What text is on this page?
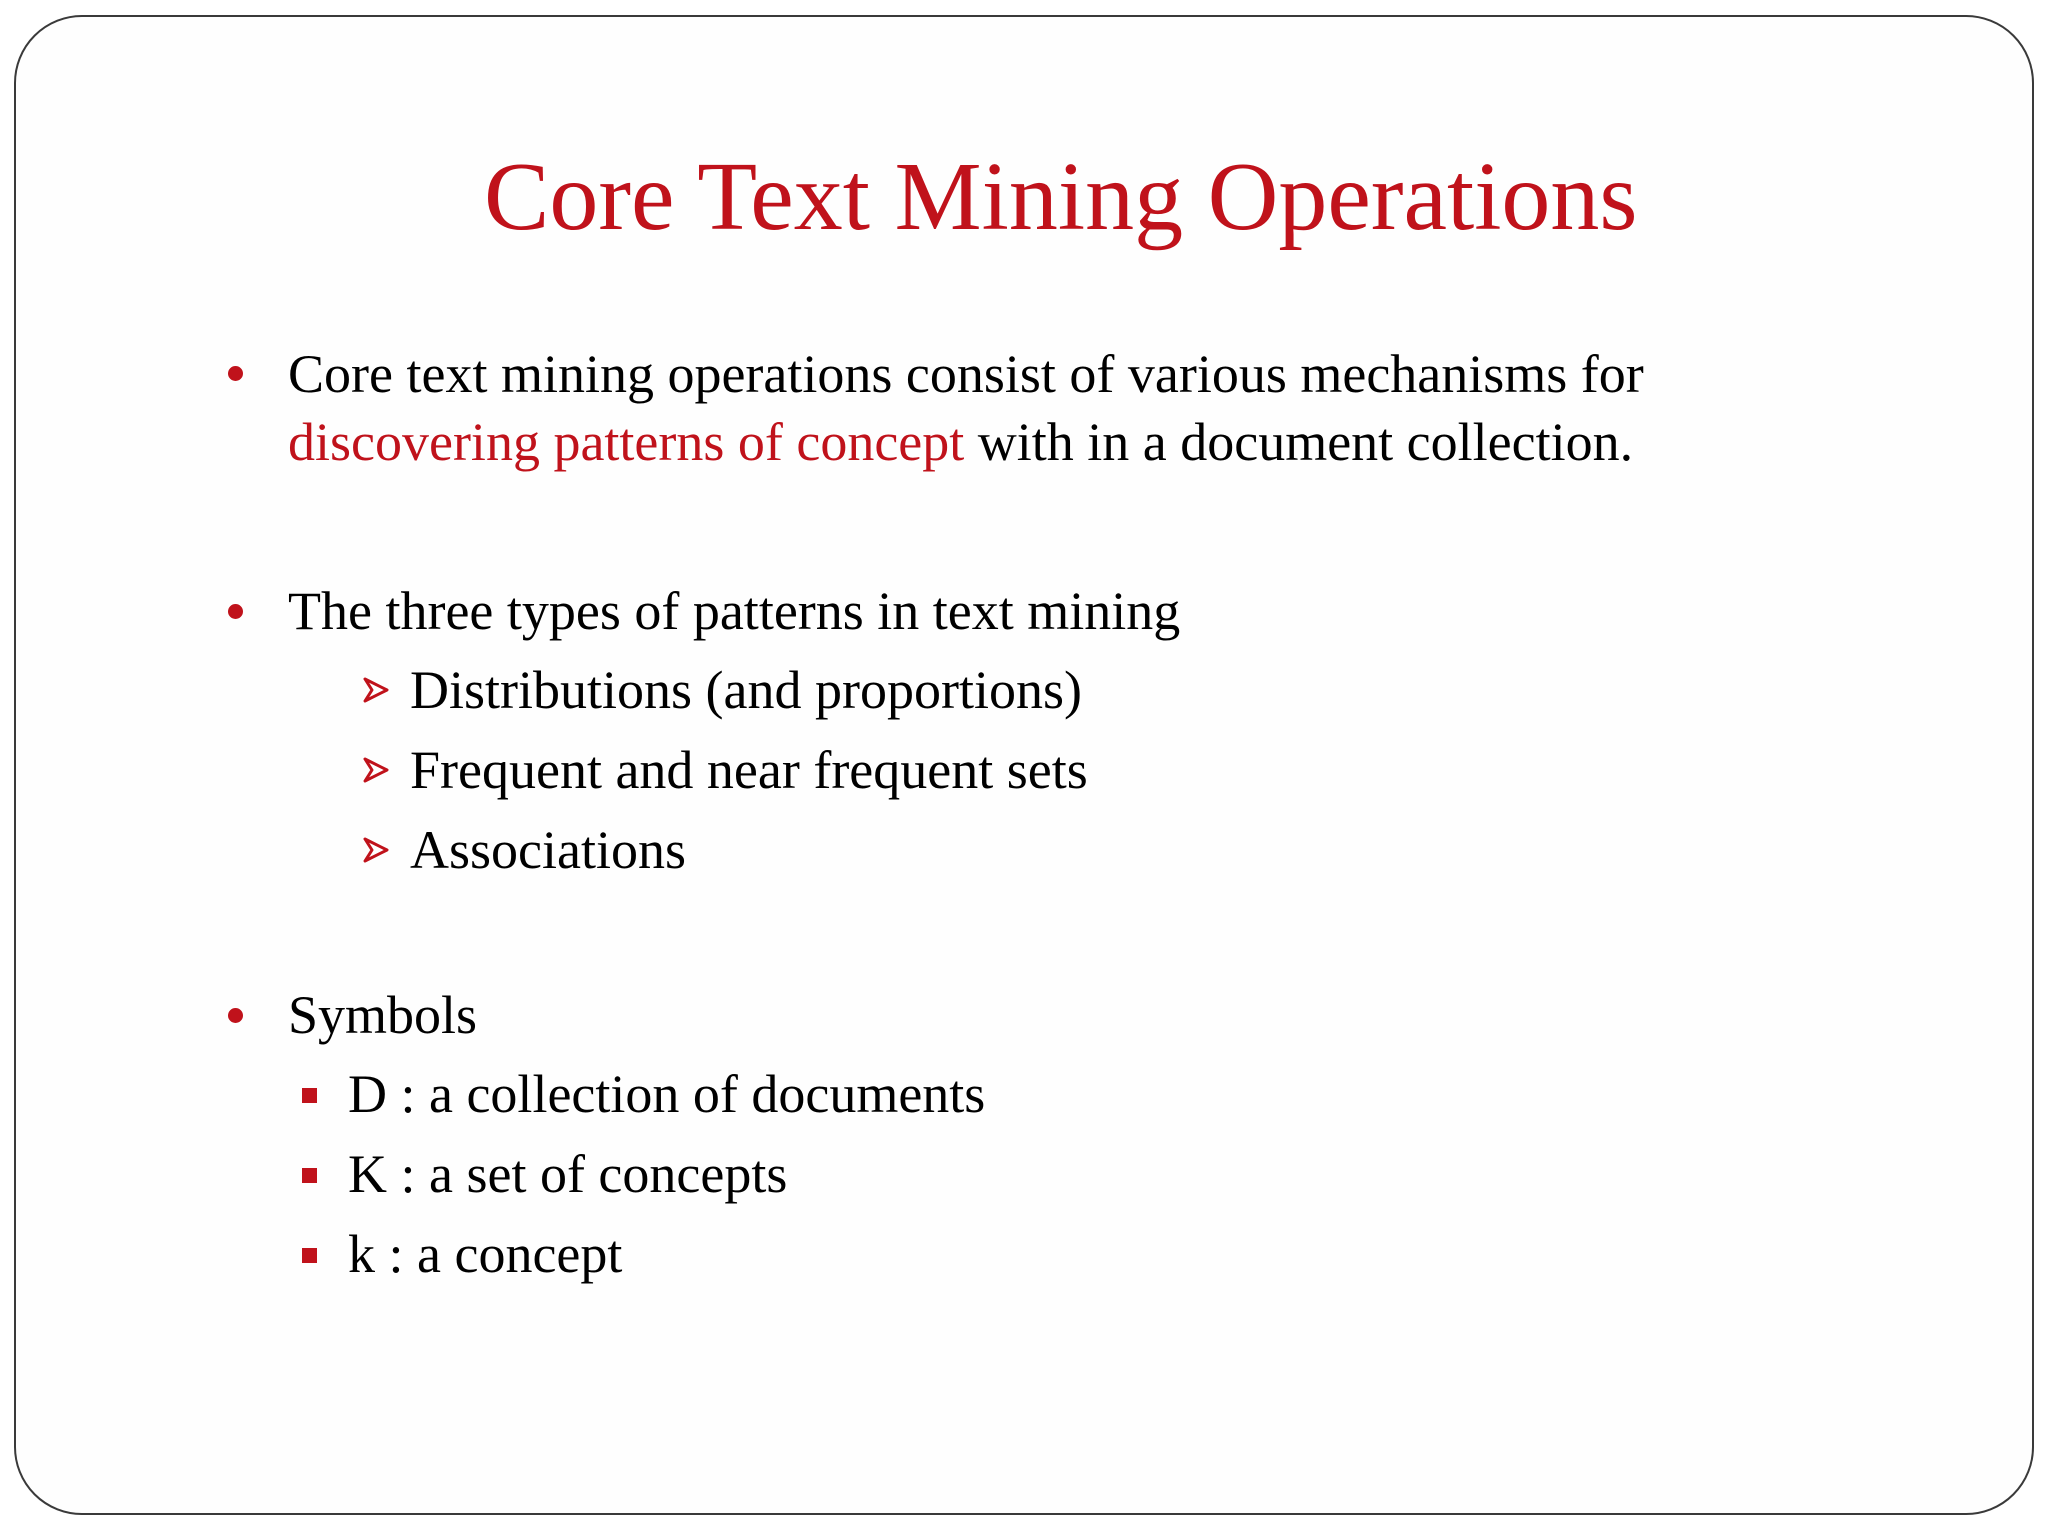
Core Text Mining Operations
Core text mining operations consist of various mechanisms for
discovering patterns of concept with in a document collection.
The three types of patterns in text mining
Distributions (and proportions)
Frequent and near frequent sets
Associations
Symbols
D : a collection of documents
K : a set of concepts
k : a concept
